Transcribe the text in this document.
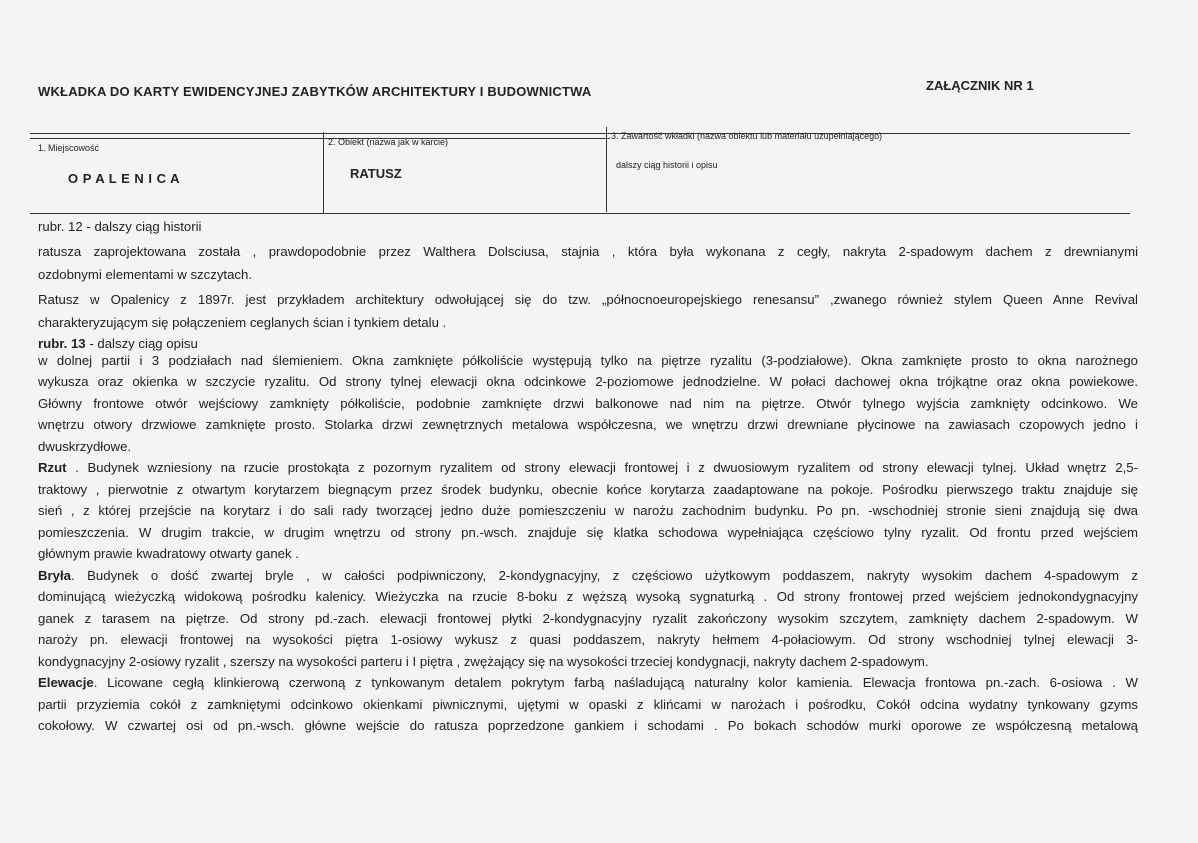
WKŁADKA DO KARTY EWIDENCYJNEJ ZABYTKÓW ARCHITEKTURY I BUDOWNICTWA	ZAŁĄCZNIK NR 1
1. Miejscowość
O P A L E N I C A
2. Obiekt (nazwa jak w karcie)
RATUSZ
3. Zawartość wkładki (nazwa obiektu lub materiału uzupełniającego)
dalszy ciąg historii i opisu
rubr. 12 - dalszy ciąg historii
ratusza zaprojektowana została , prawdopodobnie przez Walthera Dolsciusa, stajnia , która była wykonana z cegły, nakryta 2-spadowym dachem z drewnianymi
ozdobnymi elementami w szczytach.
Ratusz w Opalenicy z 1897r. jest przykładem architektury odwołującej się do tzw. „północnoeuropejskiego renesansu” ,zwanego również stylem Queen Anne Revival
charakteryzującym się połączeniem ceglanych ścian i tynkiem detalu .
rubr. 13 - dalszy ciąg opisu
w dolnej partii i 3 podziałach nad ślemieniem. Okna zamknięte półkoliście występują tylko na piętrze ryzalitu (3-podziałowe). Okna zamknięte prosto to okna narożnego
wykusza oraz okienka w szczycie ryzalitu. Od strony tylnej elewacji okna odcinkowe 2-poziomowe jednodzielne. W połaci dachowej okna trójkątne oraz okna powiekowe.
Główny frontowe otwór wejściowy zamknięty półkoliście, podobnie zamknięte drzwi balkonowe nad nim na piętrze. Otwór tylnego wyjścia zamknięty odcinkowo. We
wnętrzu otwory drzwiowe zamknięte prosto. Stolarka drzwi zewnętrznych metalowa współczesna, we wnętrzu drzwi drewniane płycinowe na zawiasach czopowych jedno i
dwuskrzydłowe.
Rzut . Budynek wzniesiony na rzucie prostokąta z pozornym ryzalitem od strony elewacji frontowej i z dwuosiowym ryzalitem od strony elewacji tylnej. Układ wnętrz 2,5-
traktowy , pierwotnie z otwartym korytarzem biegnącym przez środek budynku, obecnie końce korytarza zaadaptowane na pokoje. Pośrodku pierwszego traktu znajduje się
sień , z której przejście na korytarz i do sali rady tworzącej jedno duże pomieszczeniu w narożu zachodnim budynku. Po pn. -wschodniej stronie sieni znajdują się dwa
pomieszczenia. W drugim trakcie, w drugim wnętrzu od strony pn.-wsch. znajduje się klatka schodowa wypełniająca częściowo tylny ryzalit. Od frontu przed wejściem
głównym prawie kwadratowy otwarty ganek .
Bryła. Budynek o dość zwartej bryle , w całości podpiwniczony, 2-kondygnacyjny, z częściowo użytkowym poddaszem, nakryty wysokim dachem 4-spadowym z
dominującą wieżyczką widokową pośrodku kalenicy. Wieżyczka na rzucie 8-boku z węższą wysoką sygnaturką . Od strony frontowej przed wejściem jednokondygnacyjny
ganek z tarasem na piętrze. Od strony pd.-zach. elewacji frontowej płytki 2-kondygnacyjny ryzalit zakończony wysokim szczytem, zamknięty dachem 2-spadowym. W
naroży pn. elewacji frontowej na wysokości piętra 1-osiowy wykusz z quasi poddaszem, nakryty hełmem 4-połaciowym. Od strony wschodniej tylnej elewacji 3-
kondygnacyjny 2-osiowy ryzalit , szerszy na wysokości parteru i I piętra , zwężający się na wysokości trzeciej kondygnacji, nakryty dachem 2-spadowym.
Elewacje. Licowane cegłą klinkierową czerwoną z tynkowanym detalem pokrytym farbą naśladującą naturalny kolor kamienia. Elewacja frontowa pn.-zach. 6-osiowa . W
partii przyziemia cokół z zamkniętymi odcinkowo okienkami piwnicznymi, ujętymi w opaski z klińcami w narożach i pośrodku, Cokół odcina wydatny tynkowany gzyms
cokołowy. W czwartej osi od pn.-wsch. główne wejście do ratusza poprzedzone gankiem i schodami . Po bokach schodów murki oporowe ze współczesną metalową
